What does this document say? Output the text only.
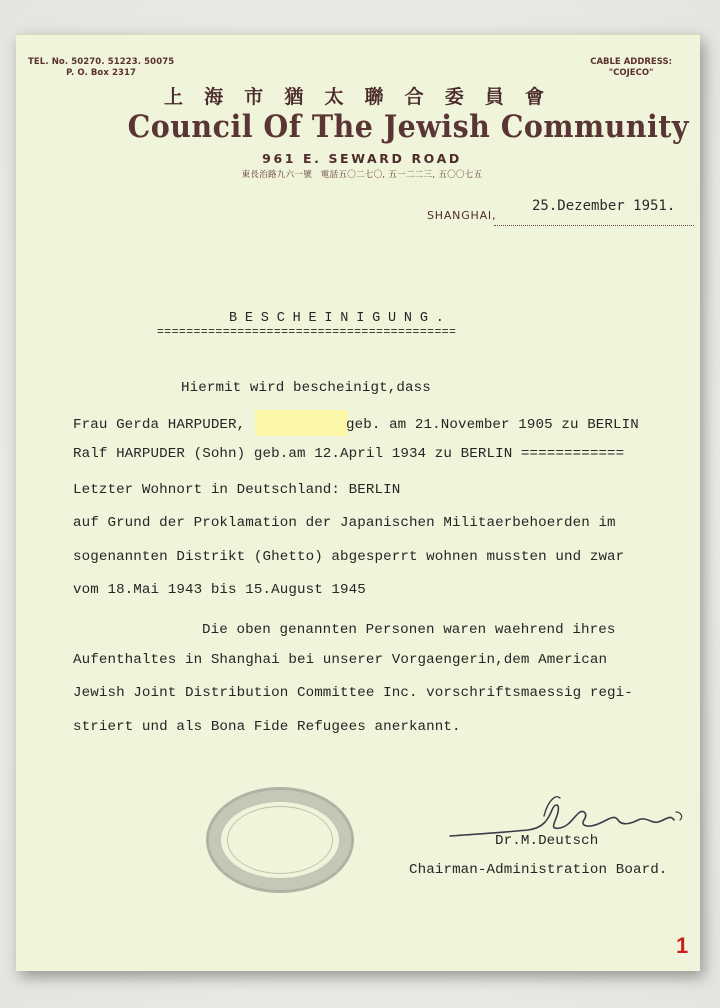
TEL. No. 50270. 51223. 50075
P. O. Box 2317
CABLE ADDRESS:
"COJECO"
上 海 市 猶 太 聯 合 委 員 會
Council Of The Jewish Community
961 E. SEWARD ROAD
東長治路九六一號　電話五〇二七〇, 五一二二三, 五〇〇七五
SHANGHAI,
25.Dezember 1951.
BESCHEINIGUNG.
=========================================
Hiermit wird bescheinigt,dass
Frau Gerda HARPUDER,	geb. am 21.November 1905 zu BERLIN
Ralf HARPUDER (Sohn) geb.am 12.April 1934 zu BERLIN ============
Letzter Wohnort in Deutschland: BERLIN
auf Grund der Proklamation der Japanischen Militaerbehoerden im
sogenannten Distrikt (Ghetto) abgesperrt wohnen mussten und zwar
vom 18.Mai 1943 bis 15.August 1945
Die oben genannten Personen waren waehrend ihres
Aufenthaltes in Shanghai bei unserer Vorgaengerin,dem American
Jewish Joint Distribution Committee Inc. vorschriftsmaessig regi-
striert und als Bona Fide Refugees anerkannt.
Dr.M.Deutsch
Chairman-Administration Board.
1
